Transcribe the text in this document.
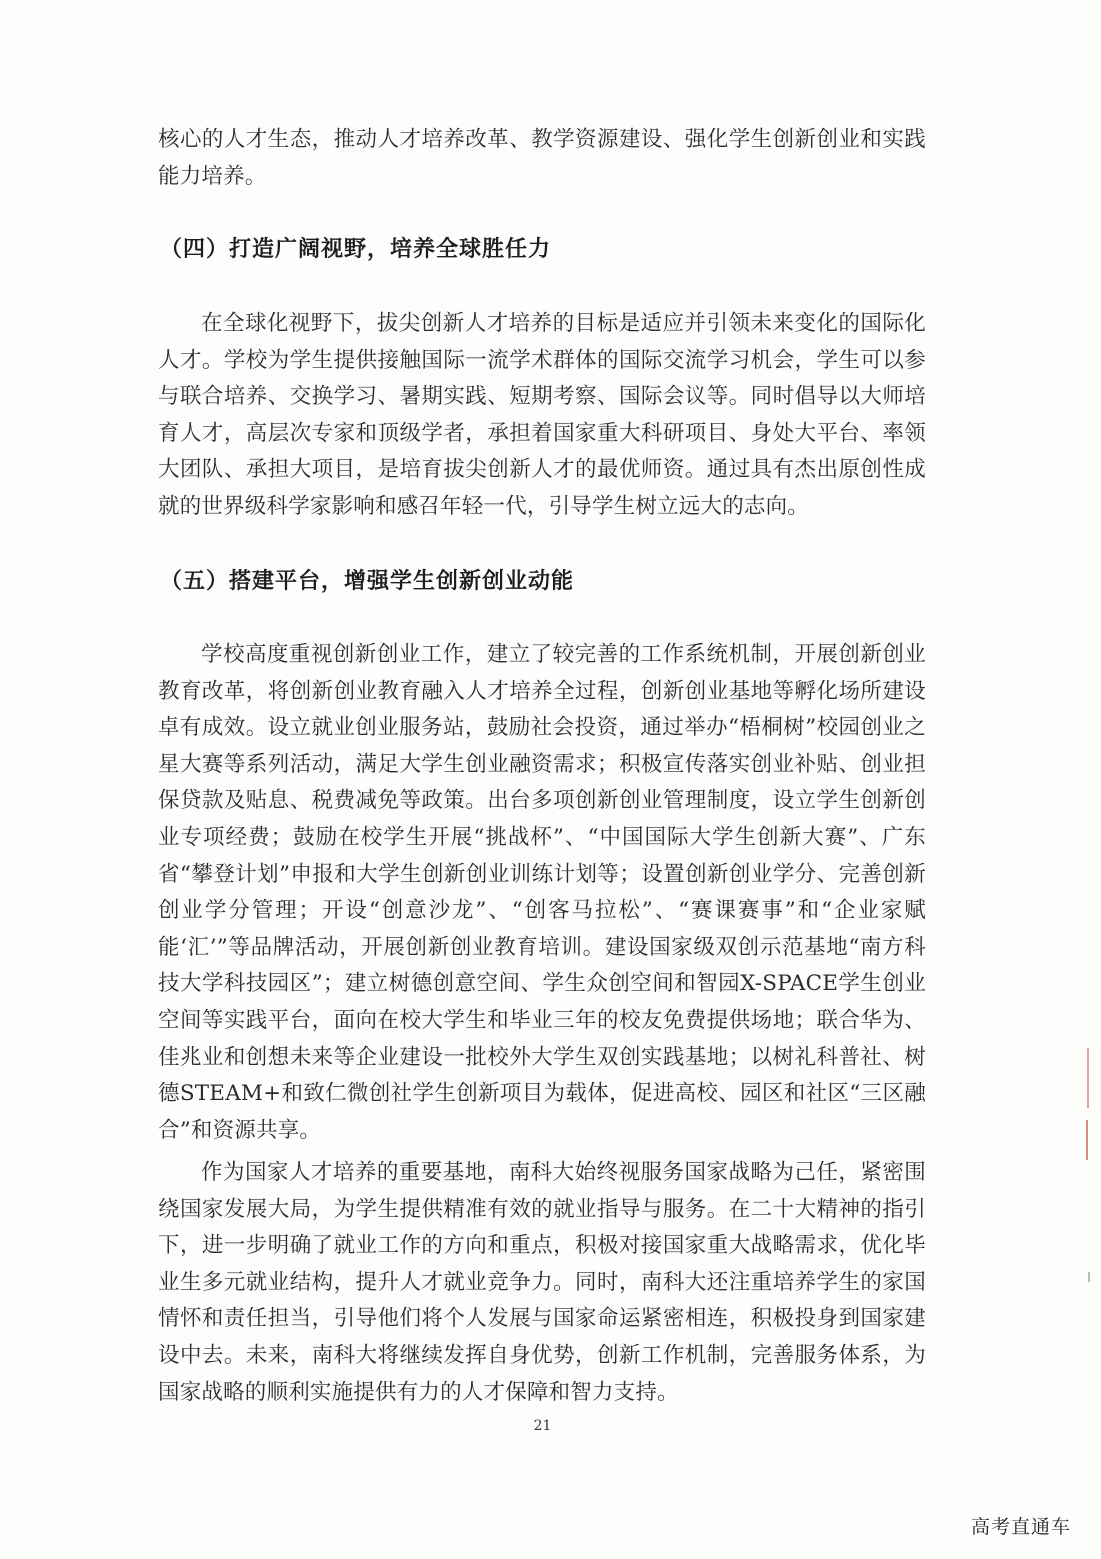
核心的人才生态，推动人才培养改革、教学资源建设、强化学生创新创业和实践能力培养。

（四）打造广阔视野，培养全球胜任力

在全球化视野下，拔尖创新人才培养的目标是适应并引领未来变化的国际化人才。学校为学生提供接触国际一流学术群体的国际交流学习机会，学生可以参与联合培养、交换学习、暑期实践、短期考察、国际会议等。同时倡导以大师培育人才，高层次专家和顶级学者，承担着国家重大科研项目、身处大平台、率领大团队、承担大项目，是培育拔尖创新人才的最优师资。通过具有杰出原创性成就的世界级科学家影响和感召年轻一代，引导学生树立远大的志向。

（五）搭建平台，增强学生创新创业动能

学校高度重视创新创业工作，建立了较完善的工作系统机制，开展创新创业教育改革，将创新创业教育融入人才培养全过程，创新创业基地等孵化场所建设卓有成效。设立就业创业服务站，鼓励社会投资，通过举办“梧桐树”校园创业之星大赛等系列活动，满足大学生创业融资需求；积极宣传落实创业补贴、创业担保贷款及贴息、税费减免等政策。出台多项创新创业管理制度，设立学生创新创业专项经费；鼓励在校学生开展“挑战杯”、“中国国际大学生创新大赛”、广东省“攀登计划”申报和大学生创新创业训练计划等；设置创新创业学分、完善创新创业学分管理；开设“创意沙龙”、“创客马拉松”、“赛课赛事”和“企业家赋能‘汇’”等品牌活动，开展创新创业教育培训。建设国家级双创示范基地“南方科技大学科技园区”；建立树德创意空间、学生众创空间和智园X-SPACE学生创业空间等实践平台，面向在校大学生和毕业三年的校友免费提供场地；联合华为、佳兆业和创想未来等企业建设一批校外大学生双创实践基地；以树礼科普社、树德STEAM+和致仁微创社学生创新项目为载体，促进高校、园区和社区“三区融合”和资源共享。

作为国家人才培养的重要基地，南科大始终视服务国家战略为己任，紧密围绕国家发展大局，为学生提供精准有效的就业指导与服务。在二十大精神的指引下，进一步明确了就业工作的方向和重点，积极对接国家重大战略需求，优化毕业生多元就业结构，提升人才就业竞争力。同时，南科大还注重培养学生的家国情怀和责任担当，引导他们将个人发展与国家命运紧密相连，积极投身到国家建设中去。未来，南科大将继续发挥自身优势，创新工作机制，完善服务体系，为国家战略的顺利实施提供有力的人才保障和智力支持。

21
高考直通车
